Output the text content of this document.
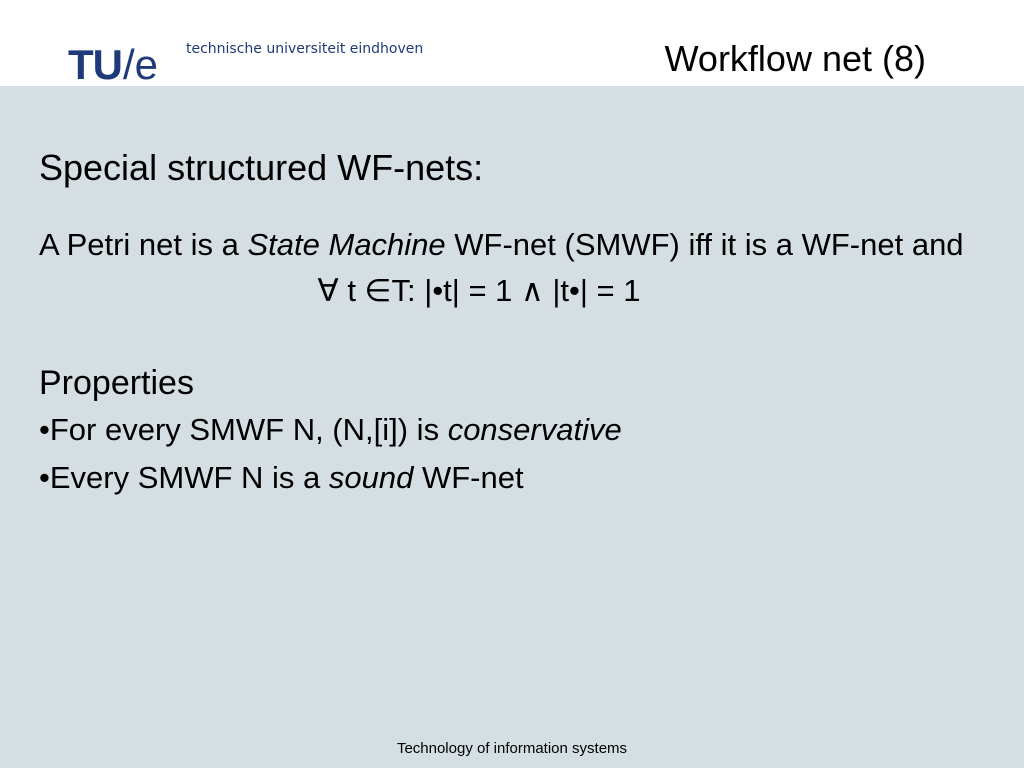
TU/e technische universiteit eindhoven	Workflow net (8)

Special structured WF-nets:

A Petri net is a State Machine WF-net (SMWF) iff it is a WF-net and

∀ t ∈T: |•t| = 1 ∧ |t•| = 1

Properties

•For every SMWF N, (N,[i]) is conservative

•Every SMWF N is a sound WF-net

Technology of information systems
